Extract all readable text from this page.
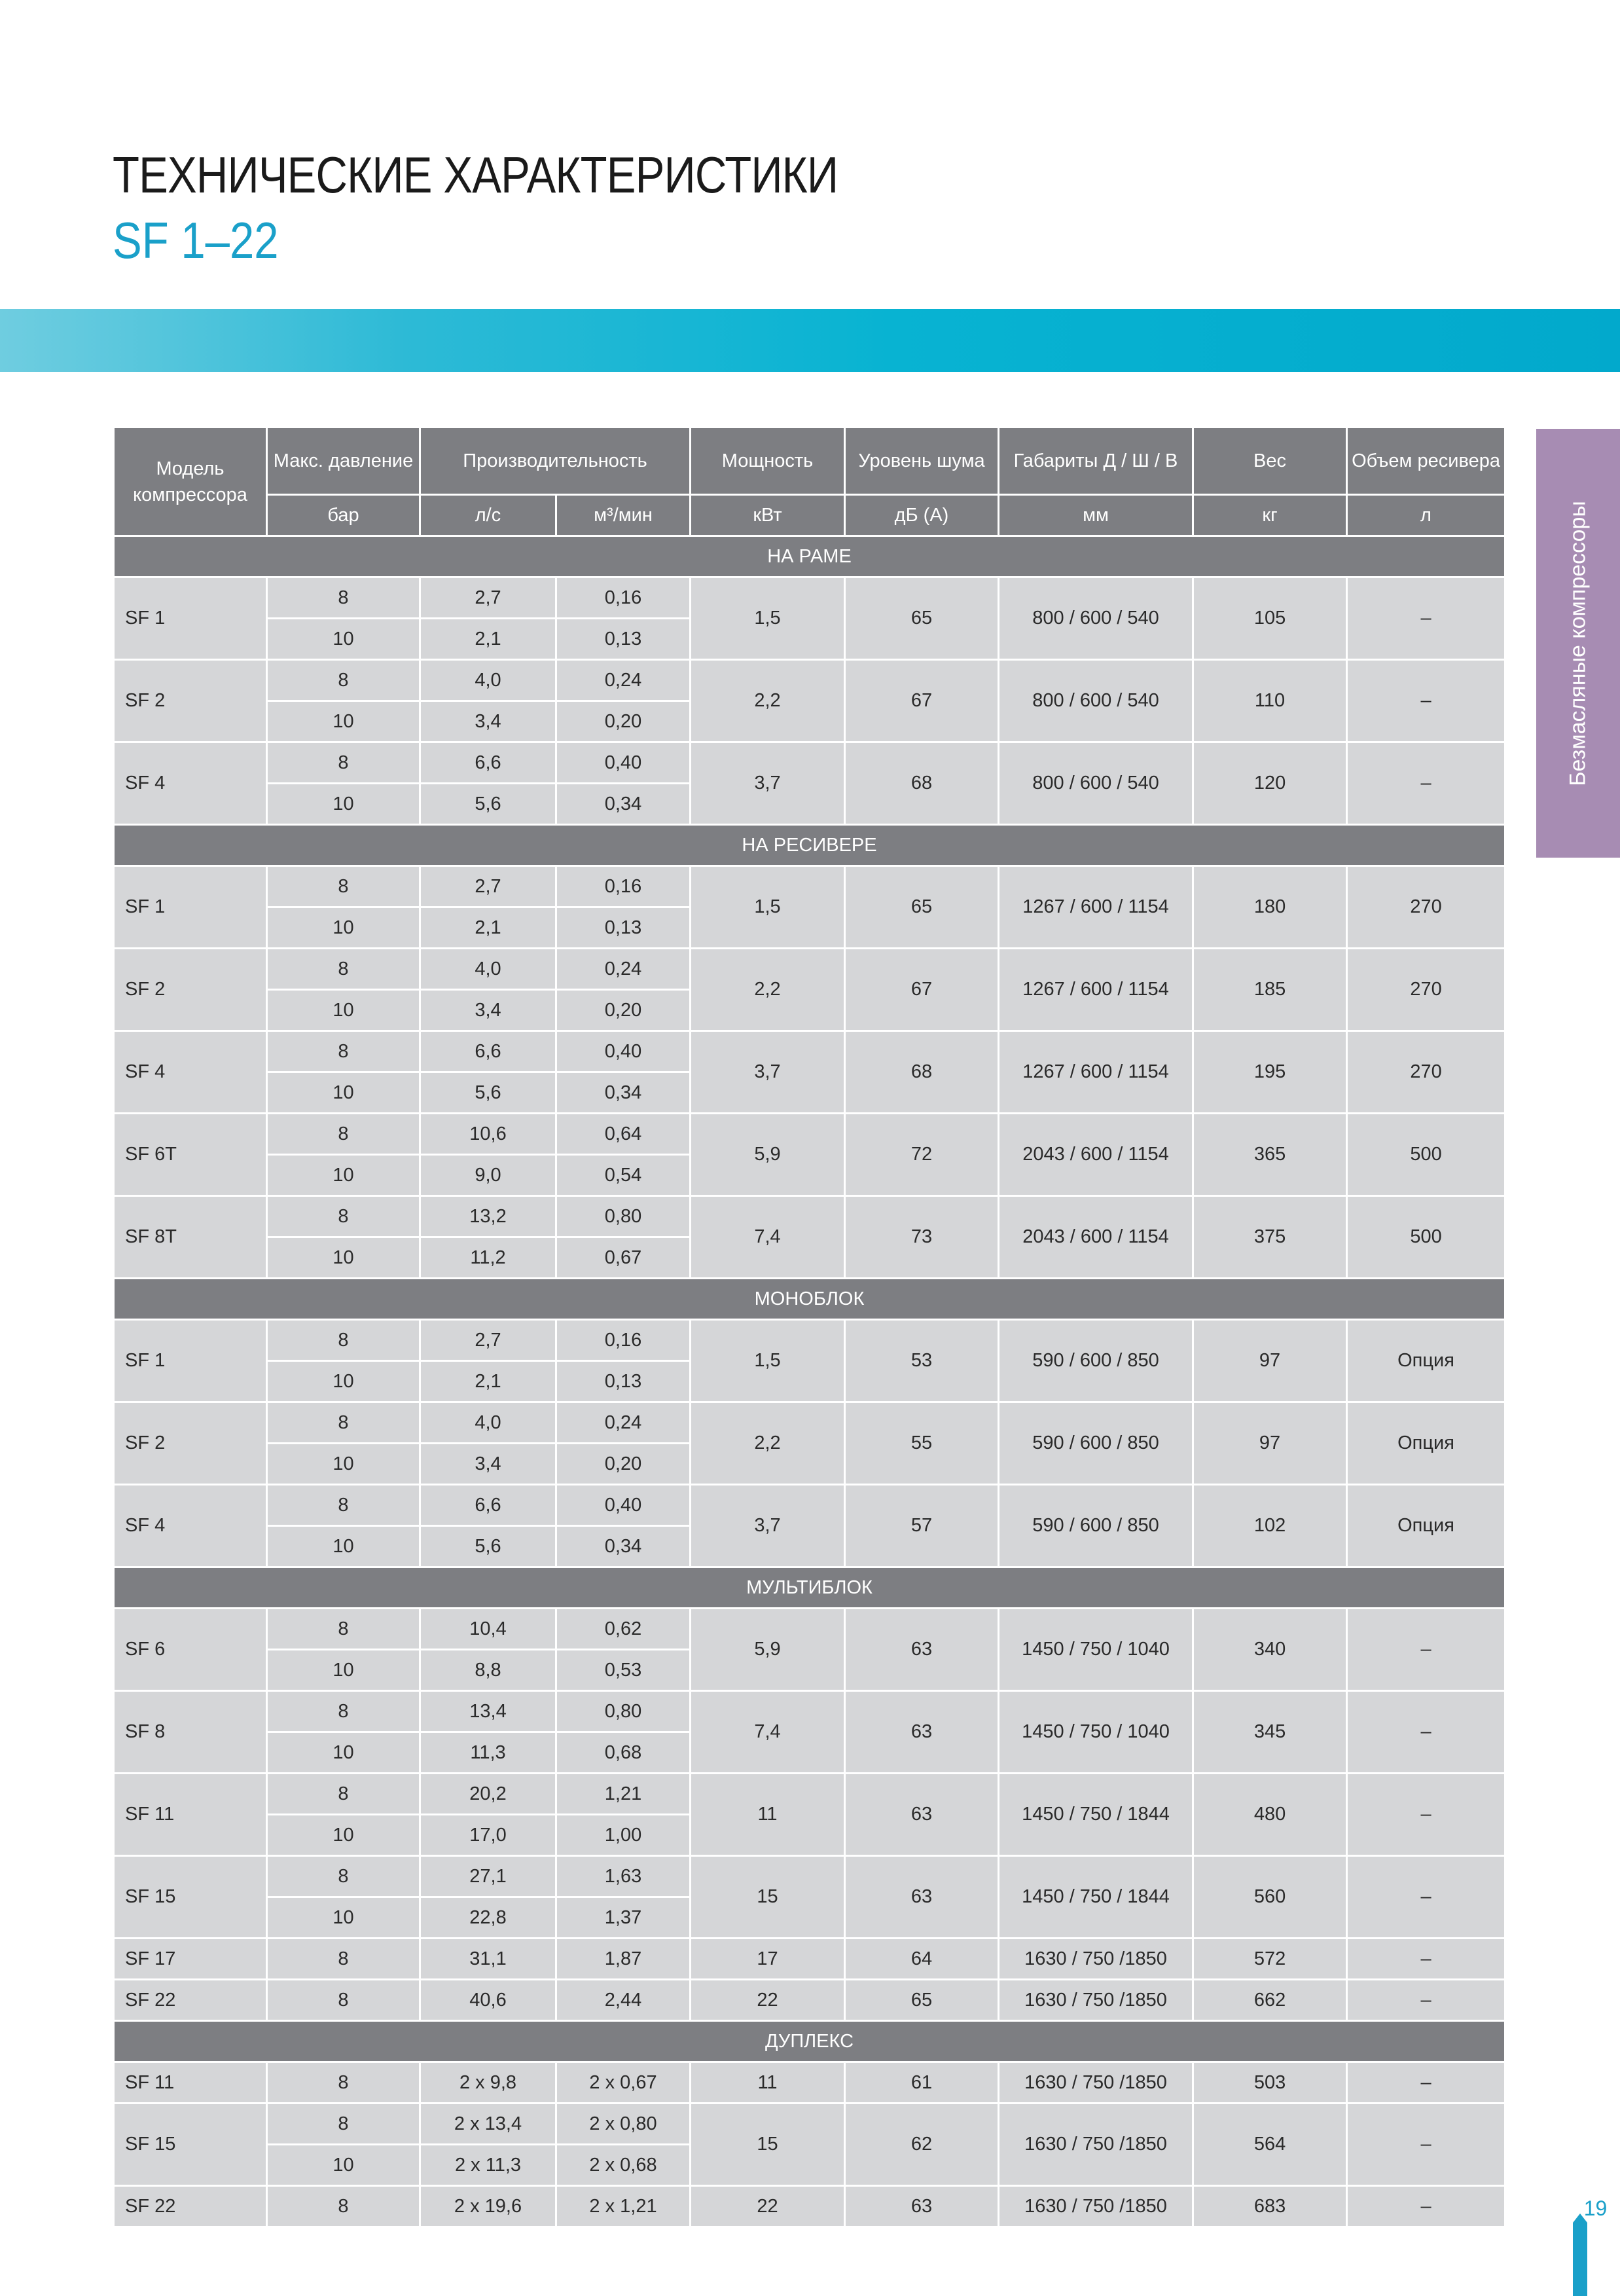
ТЕХНИЧЕСКИЕ ХАРАКТЕРИСТИКИ
SF 1–22
Безмасляные компрессоры
Модель компрессора	Макс. давление	Производительность		Мощность	Уровень шума	Габариты Д / Ш / В	Вес	Объем ресивера
	бар	л/с	м³/мин	кВт	дБ (А)	мм	кг	л
НА РАМЕ								
SF 1	8	2,7	0,16	1,5	65	800 / 600 / 540	105	–
	10	2,1	0,13					
SF 2	8	4,0	0,24	2,2	67	800 / 600 / 540	110	–
	10	3,4	0,20					
SF 4	8	6,6	0,40	3,7	68	800 / 600 / 540	120	–
	10	5,6	0,34					
НА РЕСИВЕРЕ								
SF 1	8	2,7	0,16	1,5	65	1267 / 600 / 1154	180	270
	10	2,1	0,13					
SF 2	8	4,0	0,24	2,2	67	1267 / 600 / 1154	185	270
	10	3,4	0,20					
SF 4	8	6,6	0,40	3,7	68	1267 / 600 / 1154	195	270
	10	5,6	0,34					
SF 6T	8	10,6	0,64	5,9	72	2043 / 600 / 1154	365	500
	10	9,0	0,54					
SF 8T	8	13,2	0,80	7,4	73	2043 / 600 / 1154	375	500
	10	11,2	0,67					
МОНОБЛОК								
SF 1	8	2,7	0,16	1,5	53	590 / 600 / 850	97	Опция
	10	2,1	0,13					
SF 2	8	4,0	0,24	2,2	55	590 / 600 / 850	97	Опция
	10	3,4	0,20					
SF 4	8	6,6	0,40	3,7	57	590 / 600 / 850	102	Опция
	10	5,6	0,34					
МУЛЬТИБЛОК								
SF 6	8	10,4	0,62	5,9	63	1450 / 750 / 1040	340	–
	10	8,8	0,53					
SF 8	8	13,4	0,80	7,4	63	1450 / 750 / 1040	345	–
	10	11,3	0,68					
SF 11	8	20,2	1,21	11	63	1450 / 750 / 1844	480	–
	10	17,0	1,00					
SF 15	8	27,1	1,63	15	63	1450 / 750 / 1844	560	–
	10	22,8	1,37					
SF 17	8	31,1	1,87	17	64	1630 / 750 /1850	572	–
SF 22	8	40,6	2,44	22	65	1630 / 750 /1850	662	–
ДУПЛЕКС								
SF 11	8	2 x 9,8	2 x 0,67	11	61	1630 / 750 /1850	503	–
SF 15	8	2 x 13,4	2 x 0,80	15	62	1630 / 750 /1850	564	–
	10	2 x 11,3	2 x 0,68					
SF 22	8	2 x 19,6	2 x 1,21	22	63	1630 / 750 /1850	683	–	19
